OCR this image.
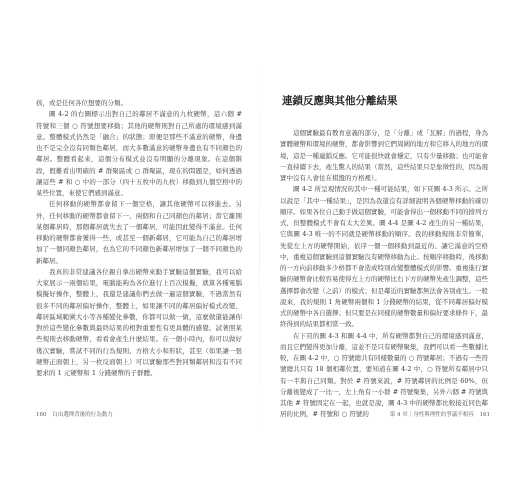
孩，或是任何各位想要的分類。

圖 4-2 的右圖標示出對自己的鄰居不滿意的九枚硬幣，這六個 # 符號和三個 ○ 符號想要移動；其他的硬幣則對自己所處的環境感到滿意。整體模式仍然是「融合」的狀態；即便是那些不滿意的硬幣，身邊也不是完全沒有同類色鄰居，而大多數滿意的硬幣身邊也有不同顏色的鄰居。整體看起來，這個分布模式並沒有明顯的分離現象。在這個階段，假難看出明確的 # 群聚區或 ○ 群聚區，現在的問題是，如何透過讓這些 # 和 ○ 中的一部分（四十五枚中的九枚）移動到九個空格中的某些位置，來使它們感到滿意。

任何移動的硬幣都會留下一個空格，讓其他硬幣可以移進去。另外，任何移動的硬幣都會留下一、兩個和自己同顏色的鄰居；當它離開某個鄰居時，那個鄰居就失去了一個鄰居，可能因此變得不滿意。任何移動的硬幣都會獲得一些、或甚至一個新鄰居，它可能為自己的鄰居增加了一個同顏色鄰居，也為它的不同顏色新鄰居增加了一個不同顏色的新鄰居。

我真的非常建議各位親自拿出硬幣來動手實驗這個實驗，我可以給大家展示一兩個結果，電腦能夠為各位進行上百次模擬，就算各種電腦模擬好操作，整體上，我還是建議你們去做一遍這個實驗，不過當然有很多不同的鄰居偏好操作，整體上，如果讓不同的鄰居偏好模式改變、鄰居區域範圍大小等各種變化參數，你都可以做一做，這麼做還能讓你對於這些變化參數與最終結果的相對重要性有更具體的感覺。試著照某些規則去移動硬幣，看看會產生什麼結果。在一個小時內，你可以做好幾次實驗，嘗試不同的行為規則、方格大小和形狀，甚至（如果讓一張硬幣正面朝上，另一枚反面朝上）可以實驗那些對同類鄰居和沒有不同要求的 1 元硬幣和 1 分錢硬幣的子群體。

160 白由選擇背後的行為動力
連鎖反應與其他分離結果

這個實驗最有教育意義的部分，是「分離」或「瓦解」的過程，身為實體硬幣和環境的硬幣，都會影響到它們周圍的地方和它移入的地方的環境，這是一種連鎖反應。它可能很快就會穩定，只有少量移動；也可能會一直持續下去，產生驚人的結果（當然，這些結果只是象徵性的，因為現實中沒有人會住在棋盤的方格裡）。

圖 4-2 所呈現情況的其中一種可能結果，如下頁圖 4-3 所示。之所以說是「其中一種結果」，是因為我還沒有詳細說明各個硬幣移動的確切順序。如果各位自己動手做這個實驗，可能會得出一個移動不同的排列方式，但整體模式不會有太大差異。圖 4-4 是圖 4-2 產生的另一種結果，它與圖 4-3 唯一的不同就是硬幣移動的順序。我的移動規則非常簡單，先從左上方的硬幣開始，依序一個一個移動到最近的、讓它滿意的空格中，重複這個實驗到這個實驗沒有硬幣移動為止。按順序移動時，後移動的一方向前移動多少格都不會造成特別改變整體模式的影響。重複進行實驗的硬幣會比較容易使得左上方的硬幣比右下方的硬幣先產生調整，這些選擇都會改變（之前）的模式；但是鄰近的實驗都無法會各別產生。一般說來，我的規則 1 角硬幣兩個和 1 分錢硬幣的結果，從不同鄰居偏好模式的硬幣中各自選擇；但只要是在同樣的硬幣數量和偏好要求條件下，最終得到的結果都相當一致。

在下頁的圖 4-3 和圖 4-4 中，所有硬幣都對自己的環境感到滿意，而且它們變得更加分離，這並不是只有硬幣聚集，我們可以看一些數據比較，在圖 4-2 中，○ 符號總共有同樣數量的 ○ 符號鄰居；不過有一些符號總共只有 18 個相鄰位置，要知道在圖 4-2 中，○ 符號所有鄰居中只有一半與自己同類。對於 # 符號來說，# 符號鄰居的比例是 60%，但分離後變成了一比一，左上角有一小群 # 符號聚集，另外六個 # 符號與其他 # 符號固定在一起，也就是說，圖 4-3 中的硬幣都比較接近同色鄰居的比例，# 符號和 ○ 符號的	第 4 章｜身性與理性的爭議不相容 161
